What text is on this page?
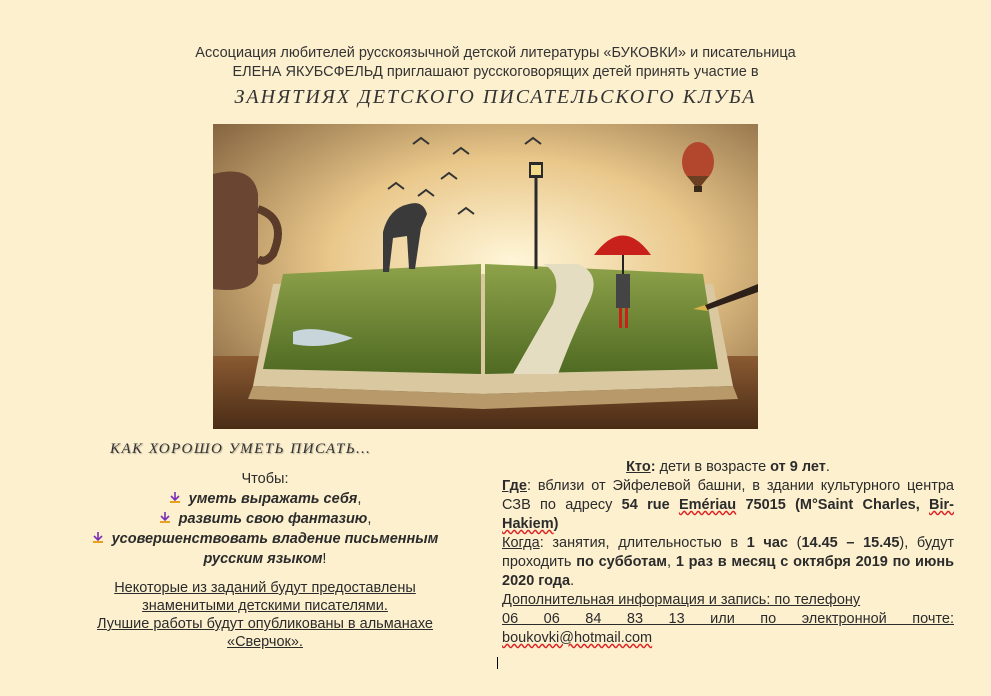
Ассоциация любителей русскоязычной детской литературы «БУКОВКИ» и писательница
ЕЛЕНА ЯКУБСФЕЛЬД приглашают русскоговорящих детей принять участие в
ЗАНЯТИЯХ ДЕТСКОГО ПИСАТЕЛЬСКОГО КЛУБА
КАК ХОРОШО УМЕТЬ ПИСАТЬ…
Чтобы:
уметь выражать себя,
развить свою фантазию,
усовершенствовать владение письменным
русским языком!
Некоторые из заданий будут предоставлены
знаменитыми детскими писателями.
Лучшие работы будут опубликованы в альманахе
«Сверчок».
Кто: дети в возрасте от 9 лет.
Где: вблизи от Эйфелевой башни, в здании культурного центра СЗВ по адресу 54 rue Emériau 75015 (M°Saint Charles, Bir-Hakiem)
Когда: занятия, длительностью в 1 час (14.45 – 15.45), будут проходить по субботам, 1 раз в месяц с октября 2019 по июнь 2020 года.
Дополнительная информация и запись: по телефону
06 06 84 83 13 или по электронной почте:
boukovki@hotmail.com
